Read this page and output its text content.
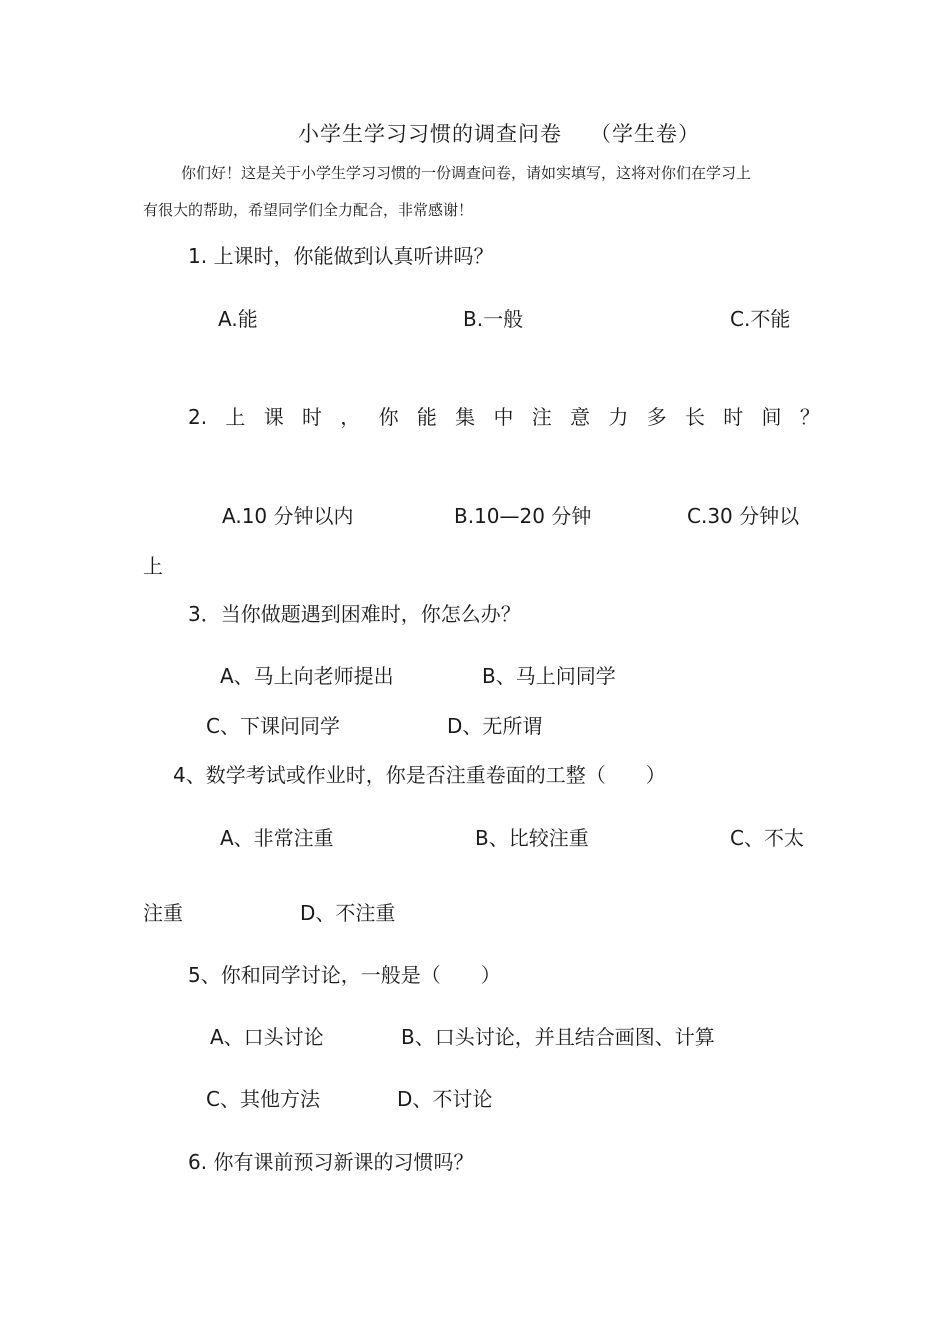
小学生学习习惯的调查问卷 （学生卷）
你们好！这是关于小学生学习习惯的一份调查问卷，请如实填写，这将对你们在学习上
有很大的帮助，希望同学们全力配合，非常感谢！
1. 上课时，你能做到认真听讲吗？
A.能	B.一般	C.不能
2. 上 课 时 ， 你 能 集 中 注 意 力 多 长 时 间 ？
A.10 分钟以内	B.10—20 分钟	C.30 分钟以
上
3．当你做题遇到困难时，你怎么办？
A、马上向老师提出	B、马上问同学
C、下课问同学	D、无所谓
4、数学考试或作业时，你是否注重卷面的工整（　　）
A、非常注重	B、比较注重	C、不太
注重	D、不注重
5、你和同学讨论，一般是（　　）
A、口头讨论	B、口头讨论，并且结合画图、计算
C、其他方法	D、不讨论
6. 你有课前预习新课的习惯吗？
